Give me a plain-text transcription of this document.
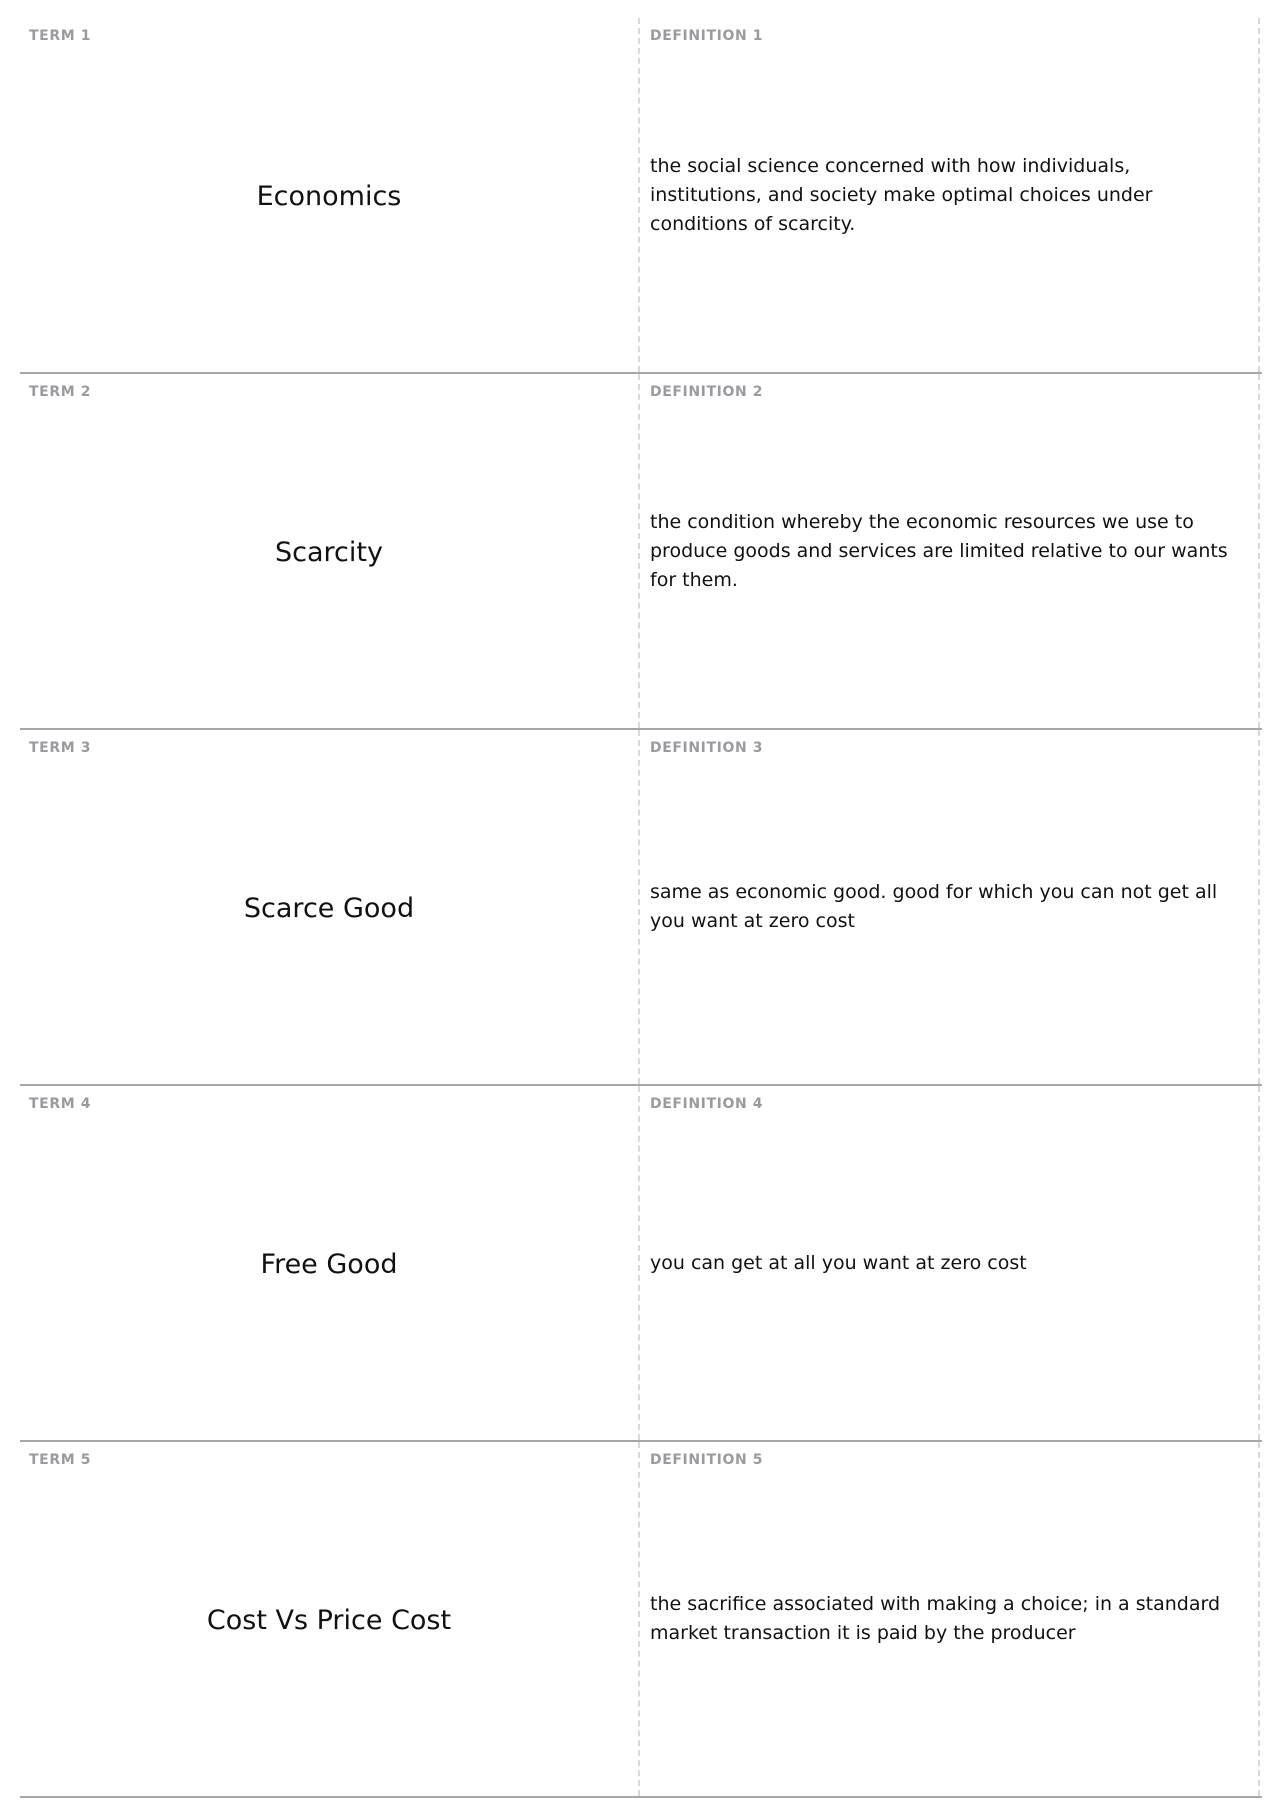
TERM 1
Economics
DEFINITION 1
the social science concerned with how individuals, institutions, and society make optimal choices under conditions of scarcity.
TERM 2
Scarcity
DEFINITION 2
the condition whereby the economic resources we use to produce goods and services are limited relative to our wants for them.
TERM 3
Scarce Good
DEFINITION 3
same as economic good. good for which you can not get all you want at zero cost
TERM 4
Free Good
DEFINITION 4
you can get at all you want at zero cost
TERM 5
Cost Vs Price Cost
DEFINITION 5
the sacrifice associated with making a choice; in a standard market transaction it is paid by the producer
